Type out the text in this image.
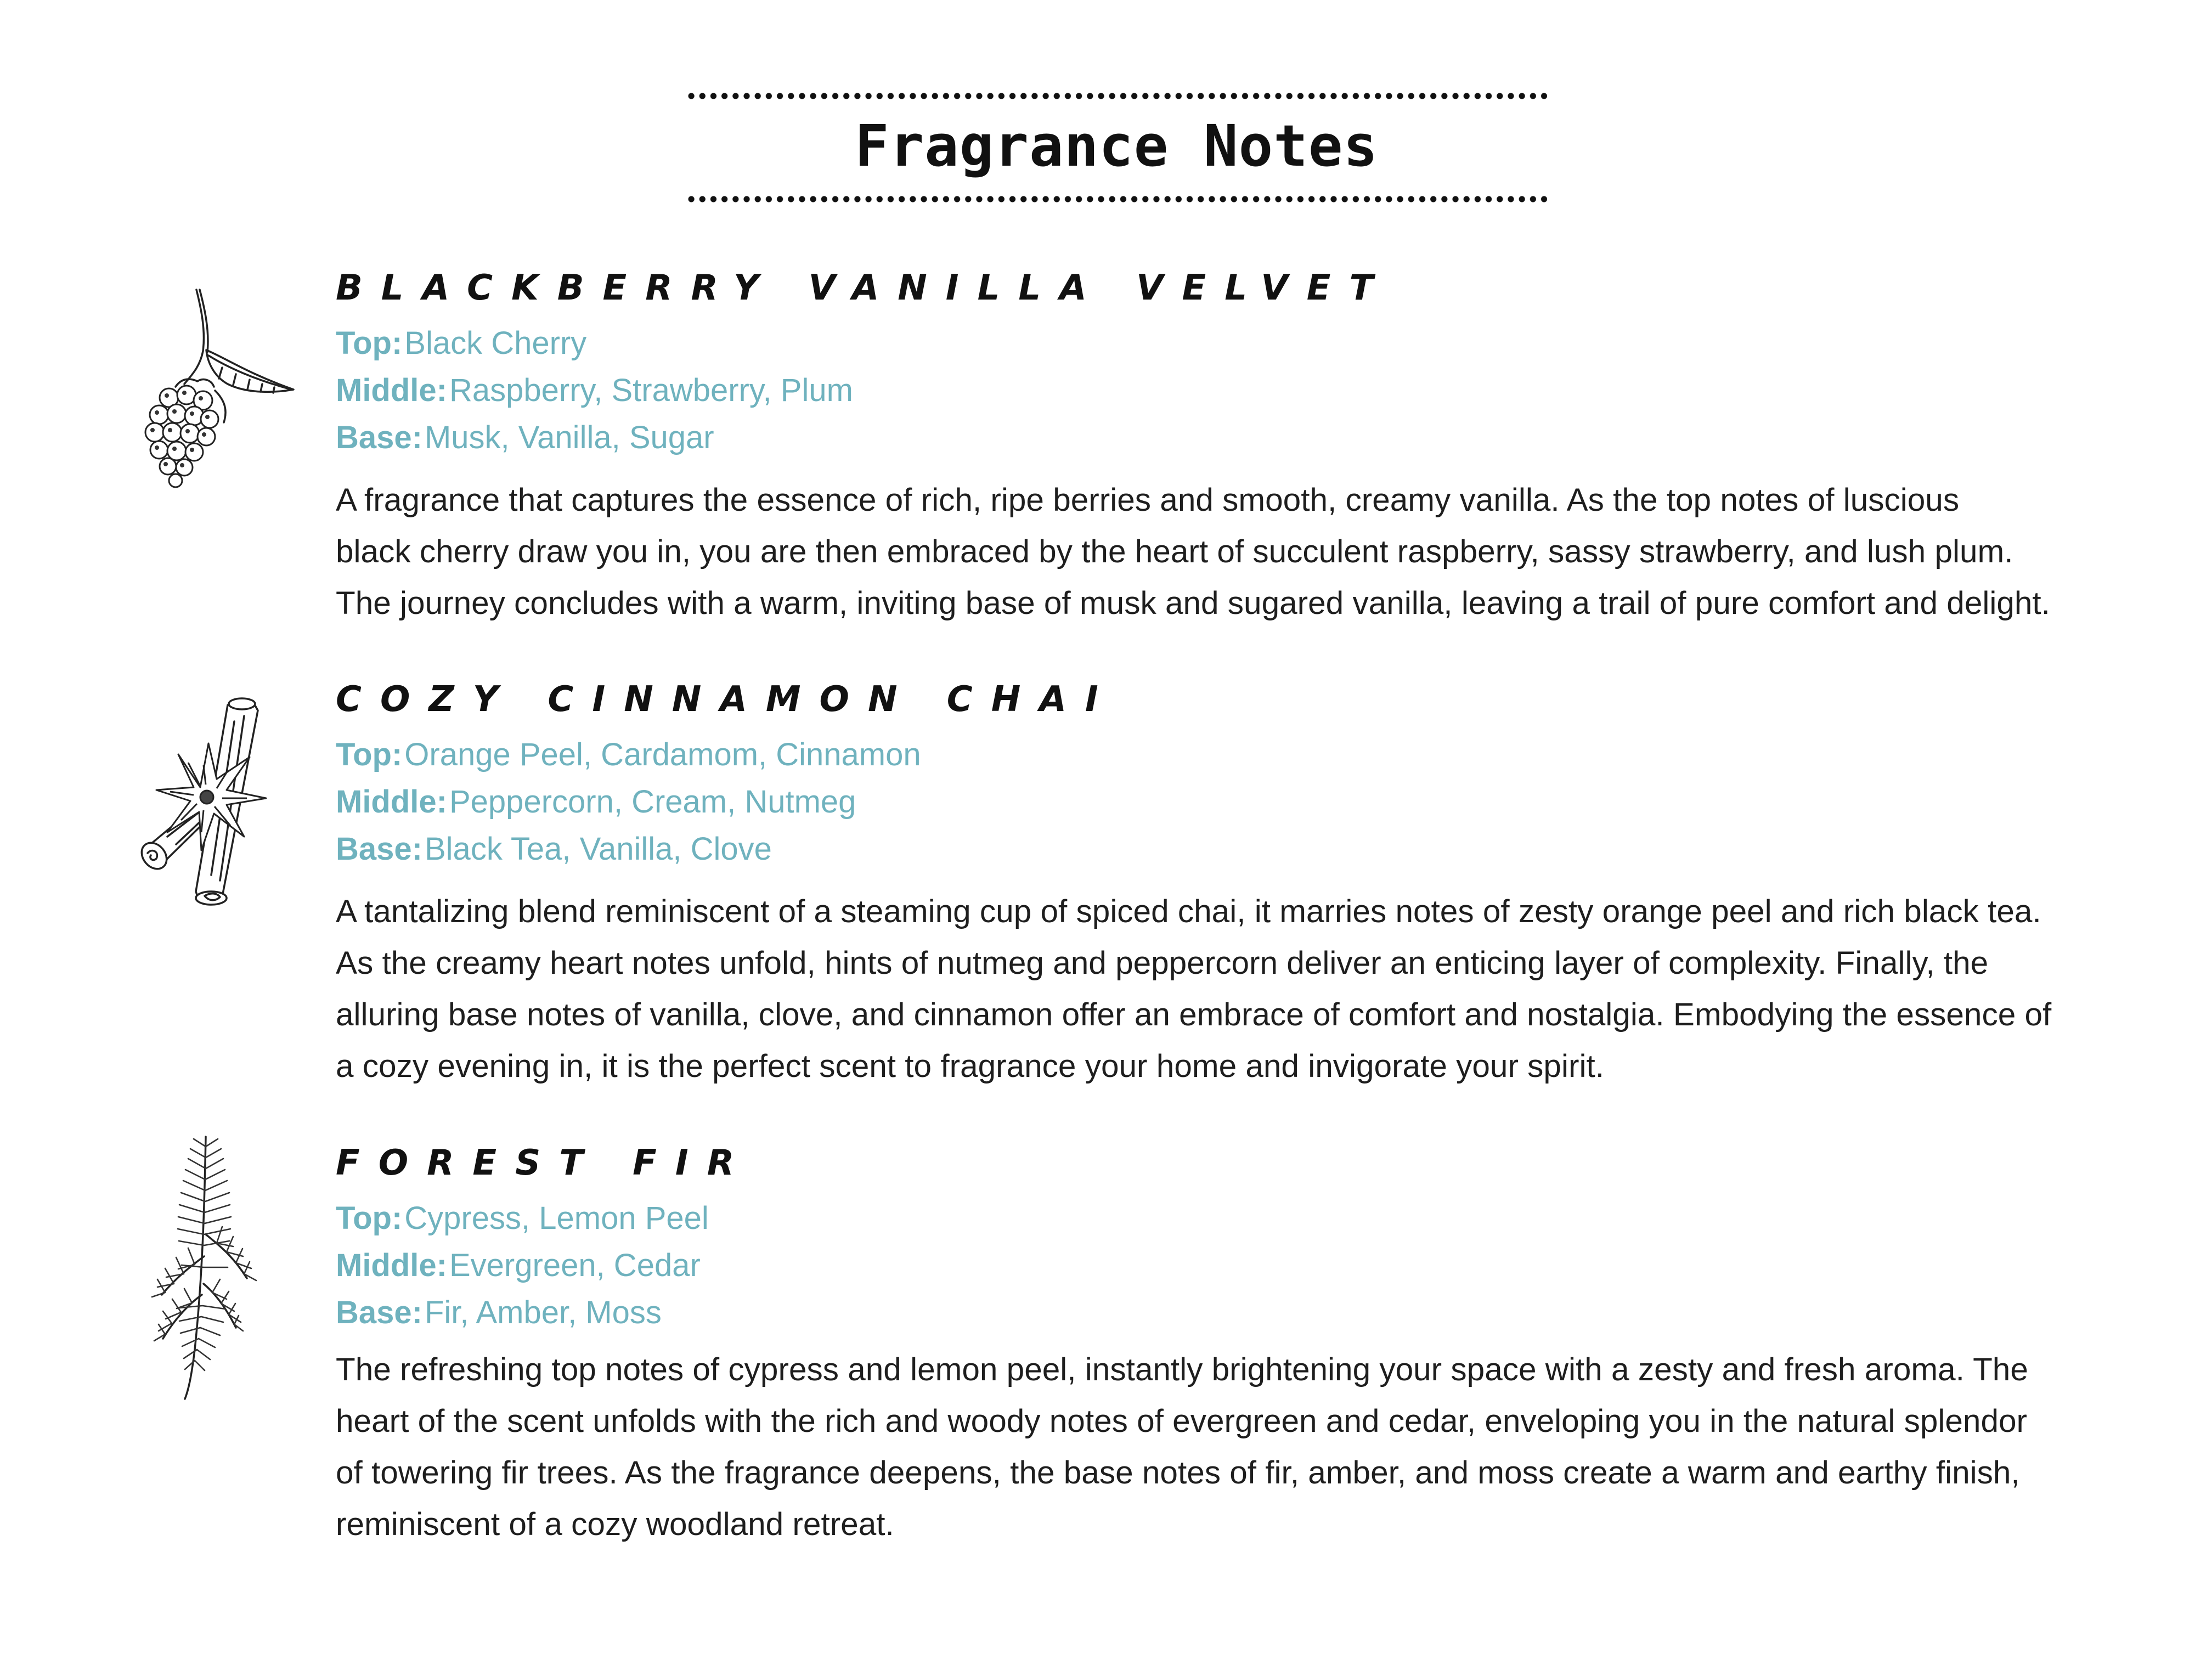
Fragrance Notes
BLACKBERRY VANILLA VELVET
Top:Black Cherry
Middle:Raspberry, Strawberry, Plum
Base:Musk, Vanilla, Sugar

A fragrance that captures the essence of rich, ripe berries and smooth, creamy vanilla. As the top notes of luscious
black cherry draw you in, you are then embraced by the heart of succulent raspberry, sassy strawberry, and lush plum.
The journey concludes with a warm, inviting base of musk and sugared vanilla, leaving a trail of pure comfort and delight.

COZY CINNAMON CHAI
Top:Orange Peel, Cardamom, Cinnamon
Middle:Peppercorn, Cream, Nutmeg
Base:Black Tea, Vanilla, Clove

A tantalizing blend reminiscent of a steaming cup of spiced chai, it marries notes of zesty orange peel and rich black tea.
As the creamy heart notes unfold, hints of nutmeg and peppercorn deliver an enticing layer of complexity. Finally, the
alluring base notes of vanilla, clove, and cinnamon offer an embrace of comfort and nostalgia. Embodying the essence of
a cozy evening in, it is the perfect scent to fragrance your home and invigorate your spirit.

FOREST FIR
Top:Cypress, Lemon Peel
Middle:Evergreen, Cedar
Base:Fir, Amber, Moss

The refreshing top notes of cypress and lemon peel, instantly brightening your space with a zesty and fresh aroma. The
heart of the scent unfolds with the rich and woody notes of evergreen and cedar, enveloping you in the natural splendor
of towering fir trees. As the fragrance deepens, the base notes of fir, amber, and moss create a warm and earthy finish,
reminiscent of a cozy woodland retreat.
